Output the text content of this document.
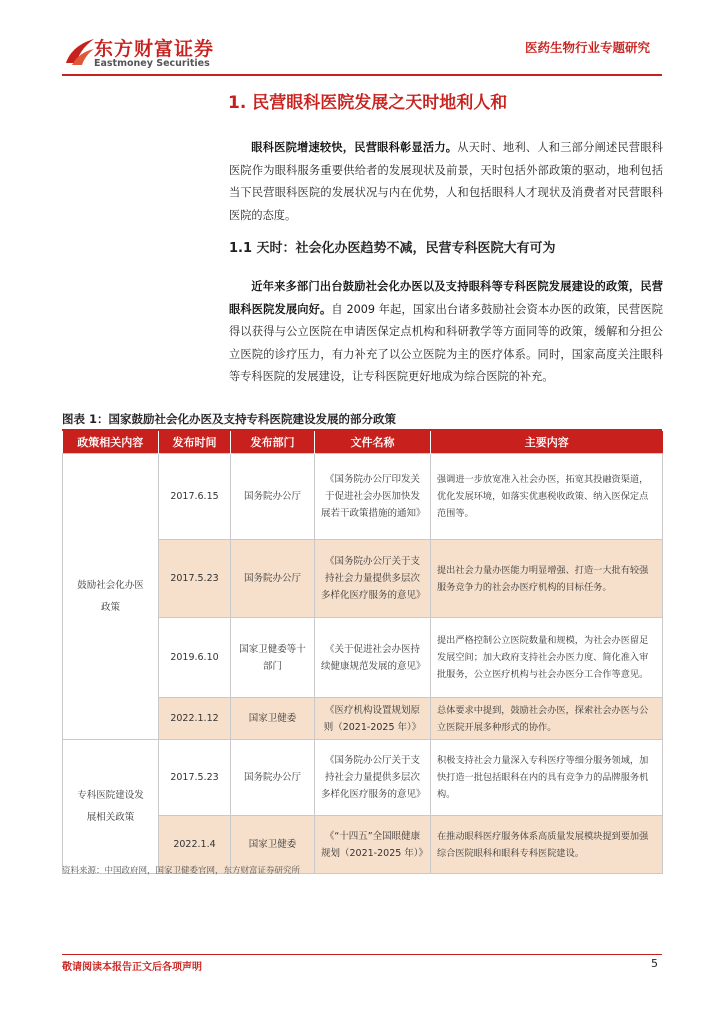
东方财富证券
Eastmoney Securities
医药生物行业专题研究
1. 民营眼科医院发展之天时地利人和
眼科医院增速较快，民营眼科彰显活力。从天时、地利、人和三部分阐述民营眼科医院作为眼科服务重要供给者的发展现状及前景，天时包括外部政策的驱动，地利包括当下民营眼科医院的发展状况与内在优势，人和包括眼科人才现状及消费者对民营眼科医院的态度。
1.1 天时：社会化办医趋势不减，民营专科医院大有可为
近年来多部门出台鼓励社会化办医以及支持眼科等专科医院发展建设的政策，民营眼科医院发展向好。自 2009 年起，国家出台诸多鼓励社会资本办医的政策，民营医院得以获得与公立医院在申请医保定点机构和科研教学等方面同等的政策，缓解和分担公立医院的诊疗压力，有力补充了以公立医院为主的医疗体系。同时，国家高度关注眼科等专科医院的发展建设，让专科医院更好地成为综合医院的补充。
图表 1：国家鼓励社会化办医及支持专科医院建设发展的部分政策
政策相关内容	发布时间	发布部门	文件名称	主要内容
鼓励社会化办医政策	2017.6.15	国务院办公厅	《国务院办公厅印发关于促进社会办医加快发展若干政策措施的通知》	强调进一步放宽准入社会办医，拓宽其投融资渠道，优化发展环境，如落实优惠税收政策、纳入医保定点范围等。
	2017.5.23	国务院办公厅	《国务院办公厅关于支持社会力量提供多层次多样化医疗服务的意见》	提出社会力量办医能力明显增强、打造一大批有较强服务竞争力的社会办医疗机构的目标任务。
	2019.6.10	国家卫健委等十部门	《关于促进社会办医持续健康规范发展的意见》	提出严格控制公立医院数量和规模，为社会办医留足发展空间；加大政府支持社会办医力度、简化准入审批服务，公立医疗机构与社会办医分工合作等意见。
	2022.1.12	国家卫健委	《医疗机构设置规划原则（2021-2025 年）》	总体要求中提到，鼓励社会办医，探索社会办医与公立医院开展多种形式的协作。
专科医院建设发展相关政策	2017.5.23	国务院办公厅	《国务院办公厅关于支持社会力量提供多层次多样化医疗服务的意见》	积极支持社会力量深入专科医疗等细分服务领域，加快打造一批包括眼科在内的具有竞争力的品牌服务机构。
	2022.1.4	国家卫健委	《“十四五”全国眼健康规划（2021-2025 年）》	在推动眼科医疗服务体系高质量发展模块提到要加强综合医院眼科和眼科专科医院建设。
资料来源：中国政府网，国家卫健委官网，东方财富证券研究所
敬请阅读本报告正文后各项声明	5
